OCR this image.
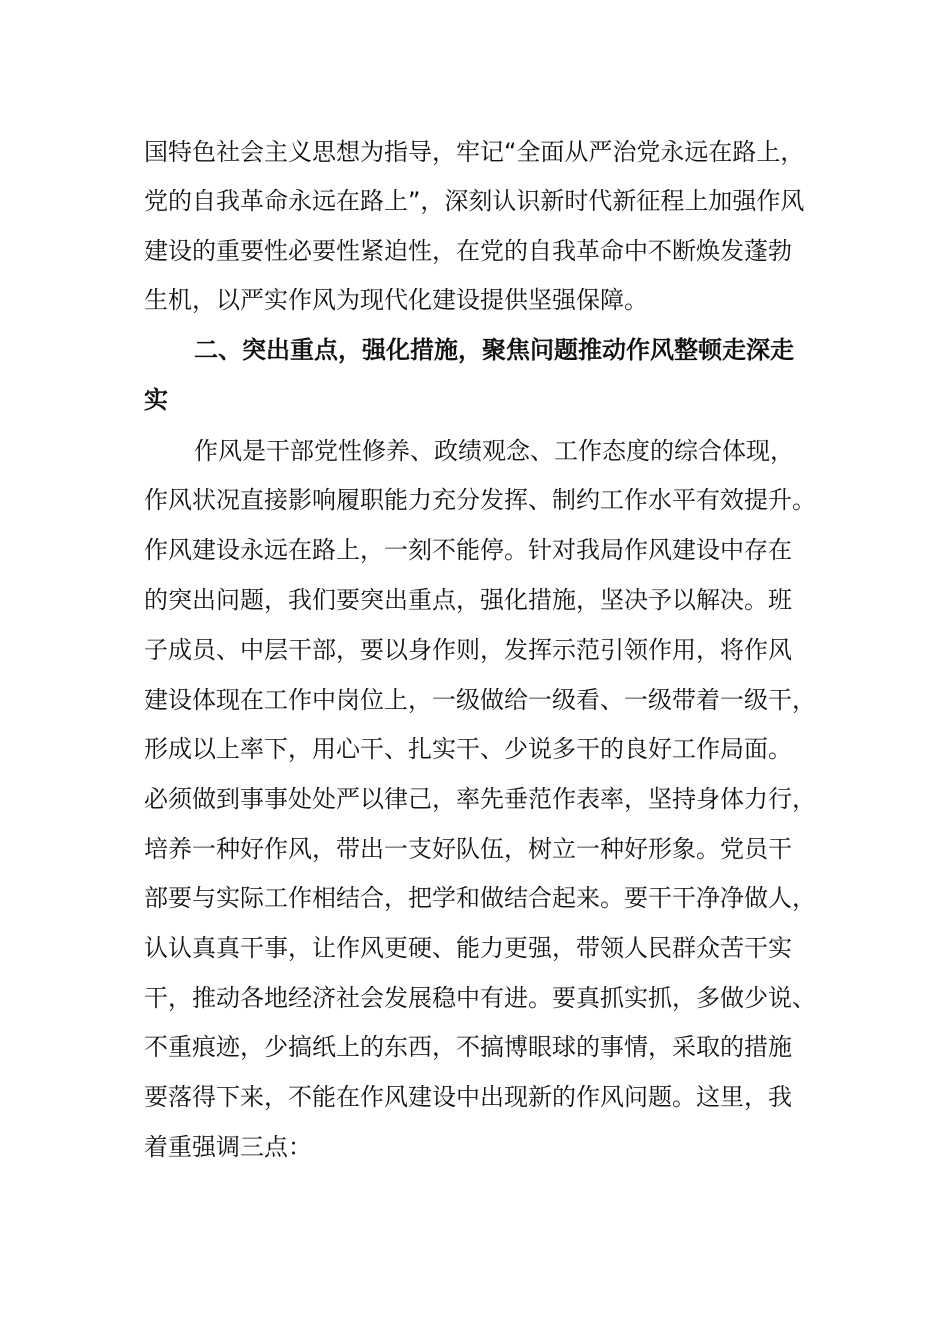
国特色社会主义思想为指导，牢记“全面从严治党永远在路上，
党的自我革命永远在路上”，深刻认识新时代新征程上加强作风
建设的重要性必要性紧迫性，在党的自我革命中不断焕发蓬勃
生机，以严实作风为现代化建设提供坚强保障。
二、突出重点，强化措施，聚焦问题推动作风整顿走深走
实
作风是干部党性修养、政绩观念、工作态度的综合体现，
作风状况直接影响履职能力充分发挥、制约工作水平有效提升。
作风建设永远在路上，一刻不能停。针对我局作风建设中存在
的突出问题，我们要突出重点，强化措施，坚决予以解决。班
子成员、中层干部，要以身作则，发挥示范引领作用，将作风
建设体现在工作中岗位上，一级做给一级看、一级带着一级干，
形成以上率下，用心干、扎实干、少说多干的良好工作局面。
必须做到事事处处严以律己，率先垂范作表率，坚持身体力行，
培养一种好作风，带出一支好队伍，树立一种好形象。党员干
部要与实际工作相结合，把学和做结合起来。要干干净净做人，
认认真真干事，让作风更硬、能力更强，带领人民群众苦干实
干，推动各地经济社会发展稳中有进。要真抓实抓，多做少说、
不重痕迹，少搞纸上的东西，不搞博眼球的事情，采取的措施
要落得下来，不能在作风建设中出现新的作风问题。这里，我
着重强调三点：
